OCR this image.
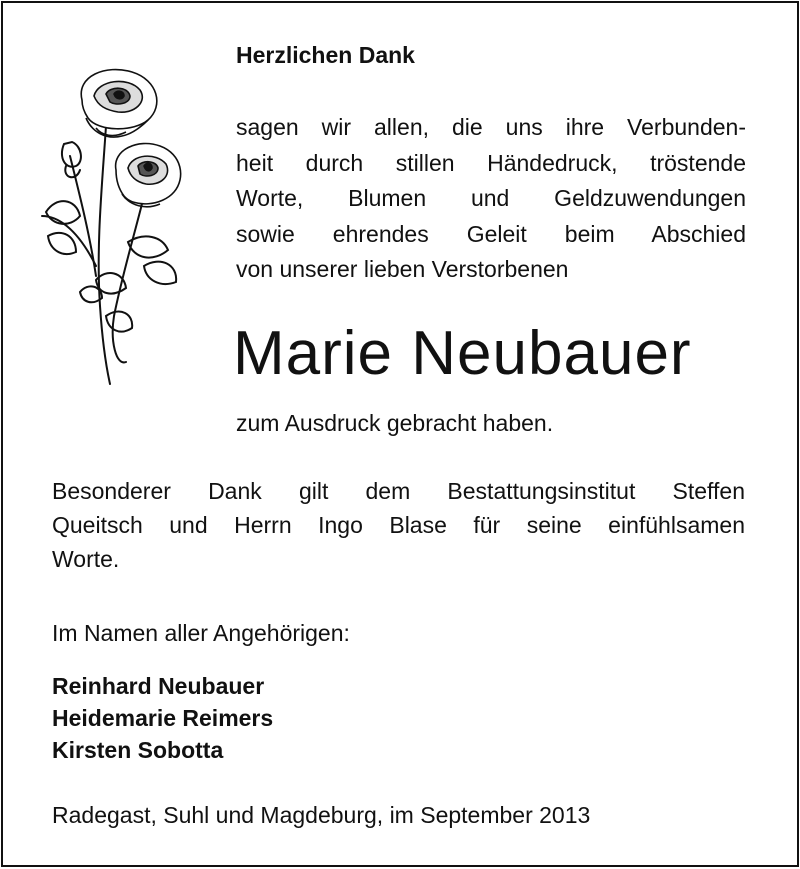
Herzlichen Dank
sagen wir allen, die uns ihre Verbunden-
heit durch stillen Händedruck, tröstende
Worte, Blumen und Geldzuwendungen
sowie ehrendes Geleit beim Abschied
von unserer lieben Verstorbenen
Marie Neubauer
zum Ausdruck gebracht haben.
Besonderer Dank gilt dem Bestattungsinstitut Steffen
Queitsch und Herrn Ingo Blase für seine einfühlsamen
Worte.
Im Namen aller Angehörigen:
Reinhard Neubauer
Heidemarie Reimers
Kirsten Sobotta
Radegast, Suhl und Magdeburg, im September 2013
